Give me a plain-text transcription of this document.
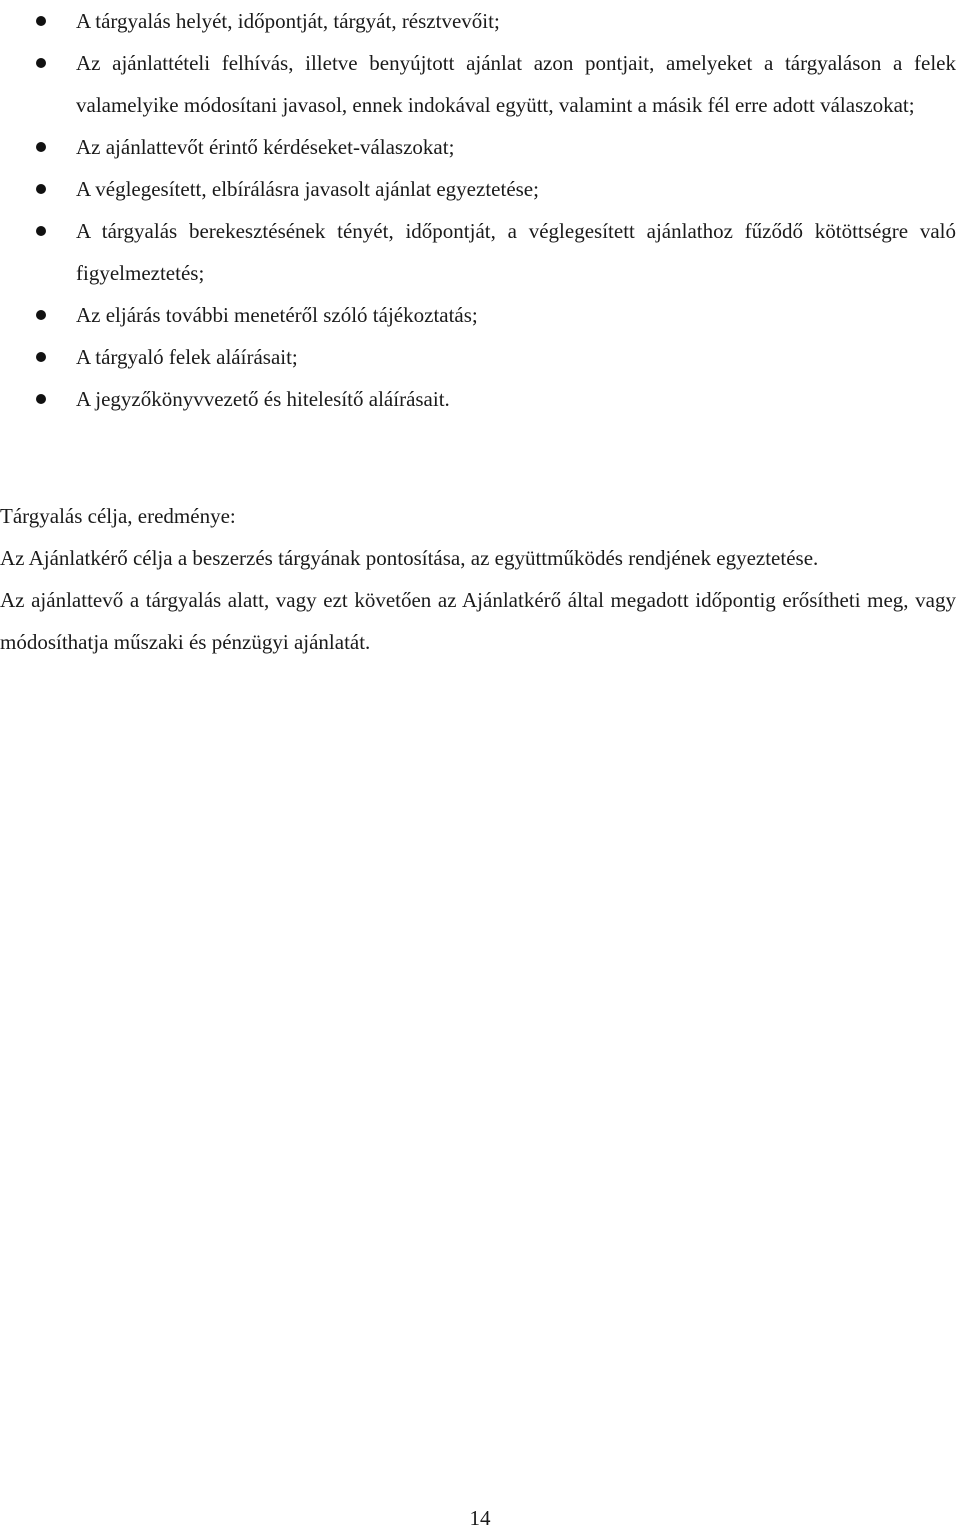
A tárgyalás helyét, időpontját, tárgyát, résztvevőit;
Az ajánlattételi felhívás, illetve benyújtott ajánlat azon pontjait, amelyeket a tárgyaláson a felek valamelyike módosítani javasol, ennek indokával együtt, valamint a másik fél erre adott válaszokat;
Az ajánlattevőt érintő kérdéseket-válaszokat;
A véglegesített, elbírálásra javasolt ajánlat egyeztetése;
A tárgyalás berekesztésének tényét, időpontját, a véglegesített ajánlathoz fűződő kötöttségre való figyelmeztetés;
Az eljárás további menetéről szóló tájékoztatás;
A tárgyaló felek aláírásait;
A jegyzőkönyvvezető és hitelesítő aláírásait.

Tárgyalás célja, eredménye:

Az Ajánlatkérő célja a beszerzés tárgyának pontosítása, az együttműködés rendjének egyeztetése.

Az ajánlattevő a tárgyalás alatt, vagy ezt követően az Ajánlatkérő által megadott időpontig erősítheti meg, vagy módosíthatja műszaki és pénzügyi ajánlatát.

14
